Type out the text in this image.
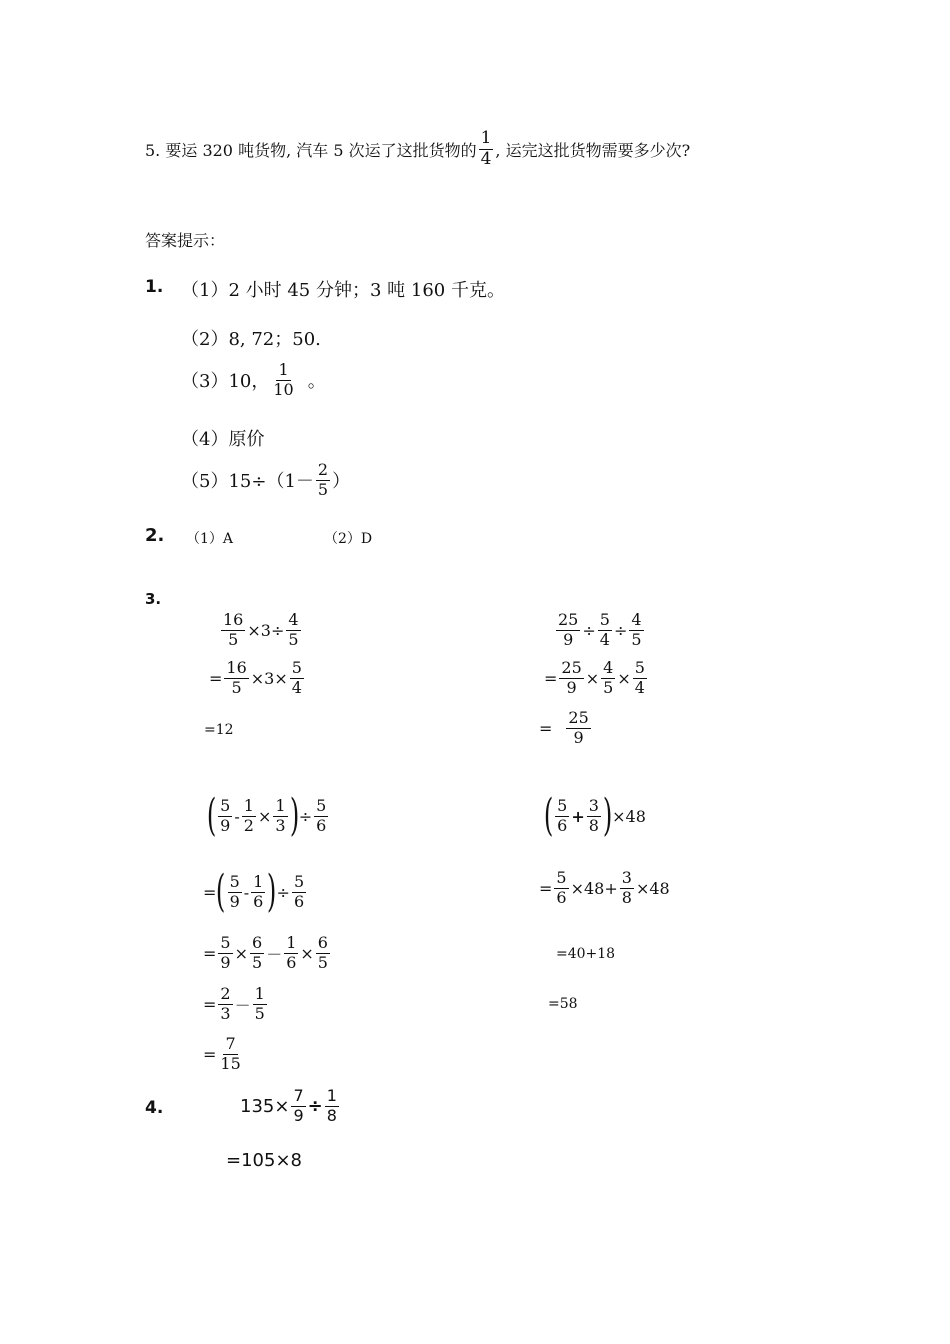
5. 要运 320 吨货物, 汽车 5 次运了这批货物的 $\frac{1}{4}$ , 运完这批货物需要多少次?
答案提示：
1. （1）2 小时 45 分钟；3 吨 160 千克。
（2）8, 72；50.
（3）10， $\frac{1}{10}$ 。
（4）原价
$(5)15\div(1- \frac{2}{5}$ ）
2. （1）A	（2）D
3.
$\frac{16}{5} \times 3\div \frac{4}{5}$
= $\frac{16}{5} \times 3\times \frac{5}{4}$
=12
$\frac{25}{9} \div \frac{5}{4} \div \frac{4}{5}$
= $\frac{25}{9} \times \frac{4}{5} \times \frac{5}{4}$
= $\frac{25}{9}$
( $\frac{5}{9} - \frac{1}{2} \times \frac{1}{3}$ ) ÷ $\frac{5}{6}$
= ( $\frac{5}{9} - \frac{1}{6}$ ) ÷ $\frac{5}{6}$
= $\frac{5}{9} \times \frac{6}{5} - \frac{1}{6} \times \frac{6}{5}$
= $\frac{2}{3} - \frac{1}{5}$
= $\frac{7}{15}$
( $\frac{5}{6} + \frac{3}{8}$ ) ×48
= $\frac{5}{6} \times 48+ \frac{3}{8} \times 48$
=40+18
=58
4.	$135\times \frac{7}{9} \div \frac{1}{8}$
=105×8
